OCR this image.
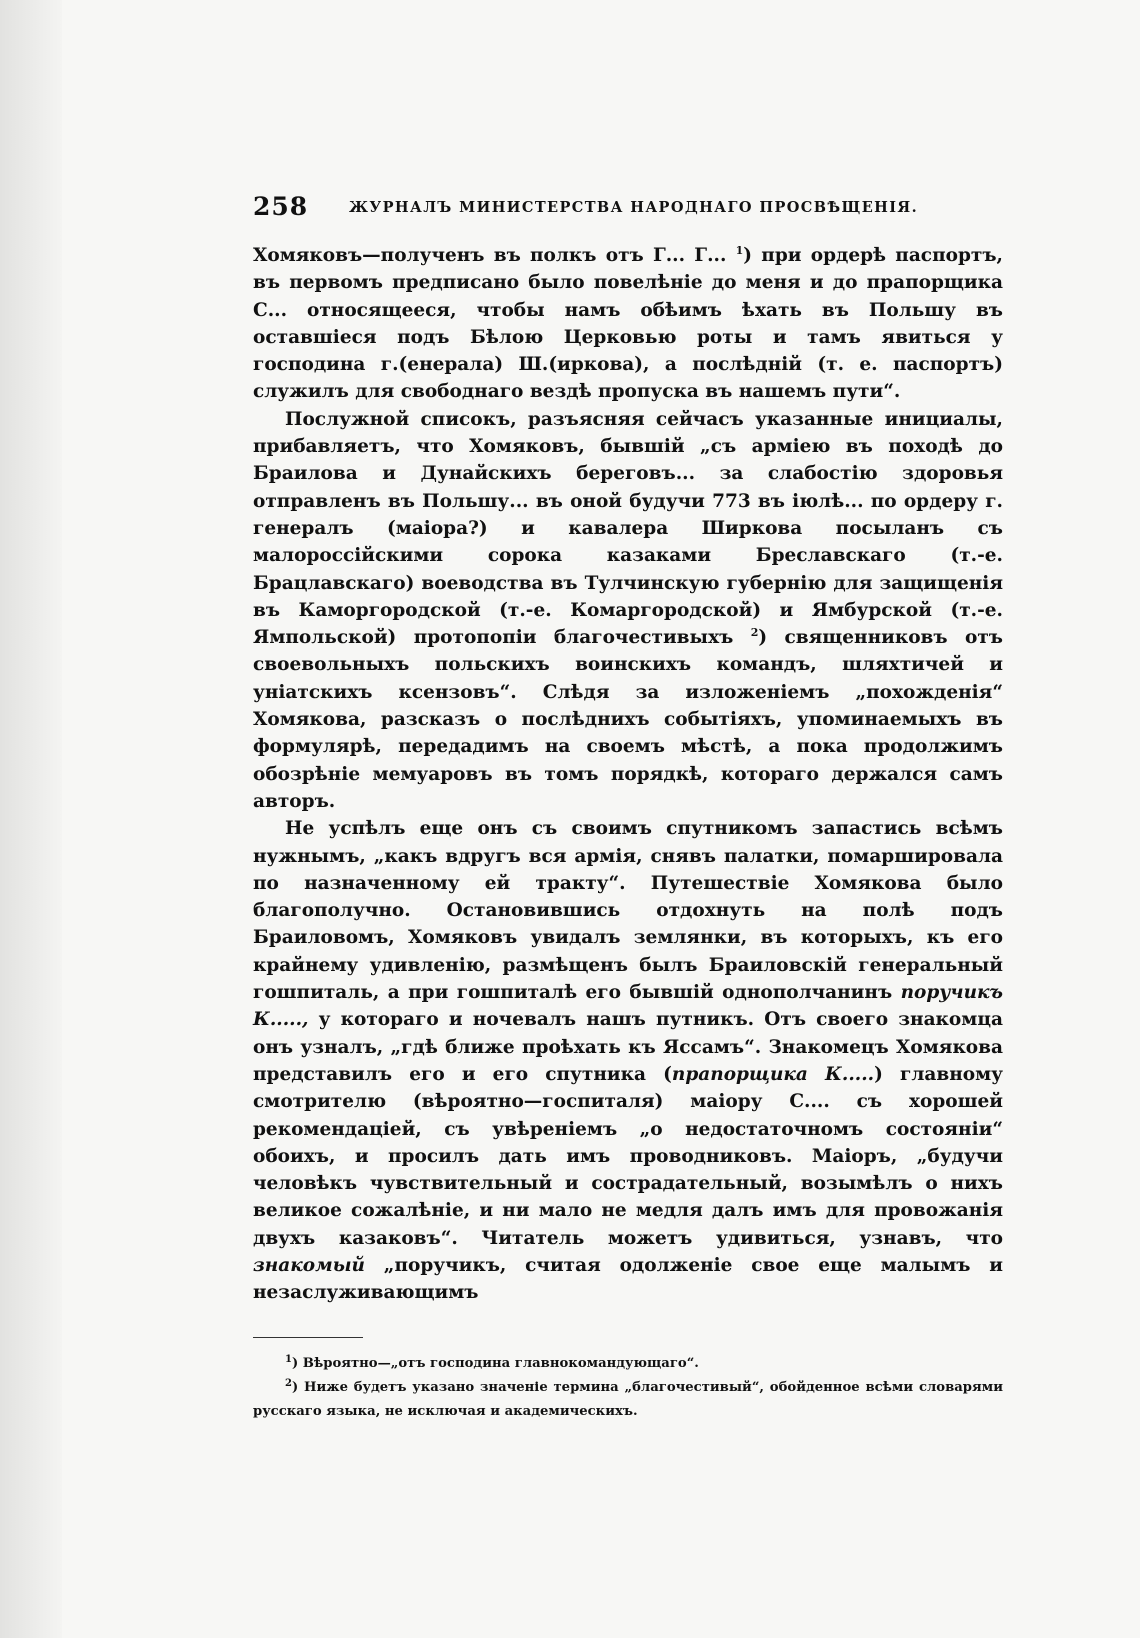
258	ЖУРНАЛЪ МИНИСТЕРСТВА НАРОДНАГО ПРОСВѢЩЕНІЯ.

Хомяковъ—полученъ въ полкъ отъ Г... Г... $^1$) при ордерѣ паспортъ, въ первомъ предписано было повелѣніе до меня и до прапорщика С... относящееся, чтобы намъ обѣимъ ѣхать въ Польшу въ оставшіеся подъ Бѣлою Церковью роты и тамъ явиться у господина г.(енерала) Ш.(иркова), а послѣдній (т. е. паспортъ) служилъ для свободнаго вездѣ пропуска въ нашемъ пути“.

Послужной списокъ, разъясняя сейчасъ указанные инициалы, прибавляетъ, что Хомяковъ, бывшій „съ арміею въ походѣ до Браилова и Дунайскихъ береговъ... за слабостію здоровья отправленъ въ Польшу... въ оной будучи 773 въ іюлѣ... по ордеру г. генералъ (маіора?) и кавалера Ширкова посыланъ съ малороссійскими сорока казаками Бреславскаго (т.-е. Брацлавскаго) воеводства въ Тулчинскую губернію для защищенія въ Каморгородской (т.-е. Комаргородской) и Ямбурской (т.-е. Ямпольской) протопопіи благочестивыхъ $^2$) священниковъ отъ своевольныхъ польскихъ воинскихъ командъ, шляхтичей и уніатскихъ ксензовъ“. Слѣдя за изложеніемъ „похожденія“ Хомякова, разсказъ о послѣднихъ событіяхъ, упоминаемыхъ въ формулярѣ, передадимъ на своемъ мѣстѣ, а пока продолжимъ обозрѣніе мемуаровъ въ томъ порядкѣ, котораго держался самъ авторъ.

Не успѣлъ еще онъ съ своимъ спутникомъ запастись всѣмъ нужнымъ, „какъ вдругъ вся армія, снявъ палатки, помаршировала по назначенному ей тракту“. Путешествіе Хомякова было благополучно. Остановившись отдохнуть на полѣ подъ Браиловомъ, Хомяковъ увидалъ землянки, въ которыхъ, къ его крайнему удивленію, размѣщенъ былъ Браиловскій генеральный гошпиталь, а при гошпиталѣ его бывшій однополчанинъ поручикъ К....., у котораго и ночевалъ нашъ путникъ. Отъ своего знакомца онъ узналъ, „гдѣ ближе проѣхать къ Яссамъ“. Знакомецъ Хомякова представилъ его и его спутника (прапорщика К.....) главному смотрителю (вѣроятно—госпиталя) маіору С.... съ хорошей рекомендаціей, съ увѣреніемъ „о недостаточномъ состояніи“ обоихъ, и просилъ дать имъ проводниковъ. Маіоръ, „будучи человѣкъ чувствительный и сострадательный, возымѣлъ о нихъ великое сожалѣніе, и ни мало не медля далъ имъ для провожанія двухъ казаковъ“. Читатель можетъ удивиться, узнавъ, что знакомый „поручикъ, считая одолженіе свое еще малымъ и незаслуживающимъ

$^1$) Вѣроятно—„отъ господина главнокомандующаго“.

$^2$) Ниже будетъ указано значеніе термина „благочестивый“, обойденное всѣми словарями русскаго языка, не исключая и академическихъ.
